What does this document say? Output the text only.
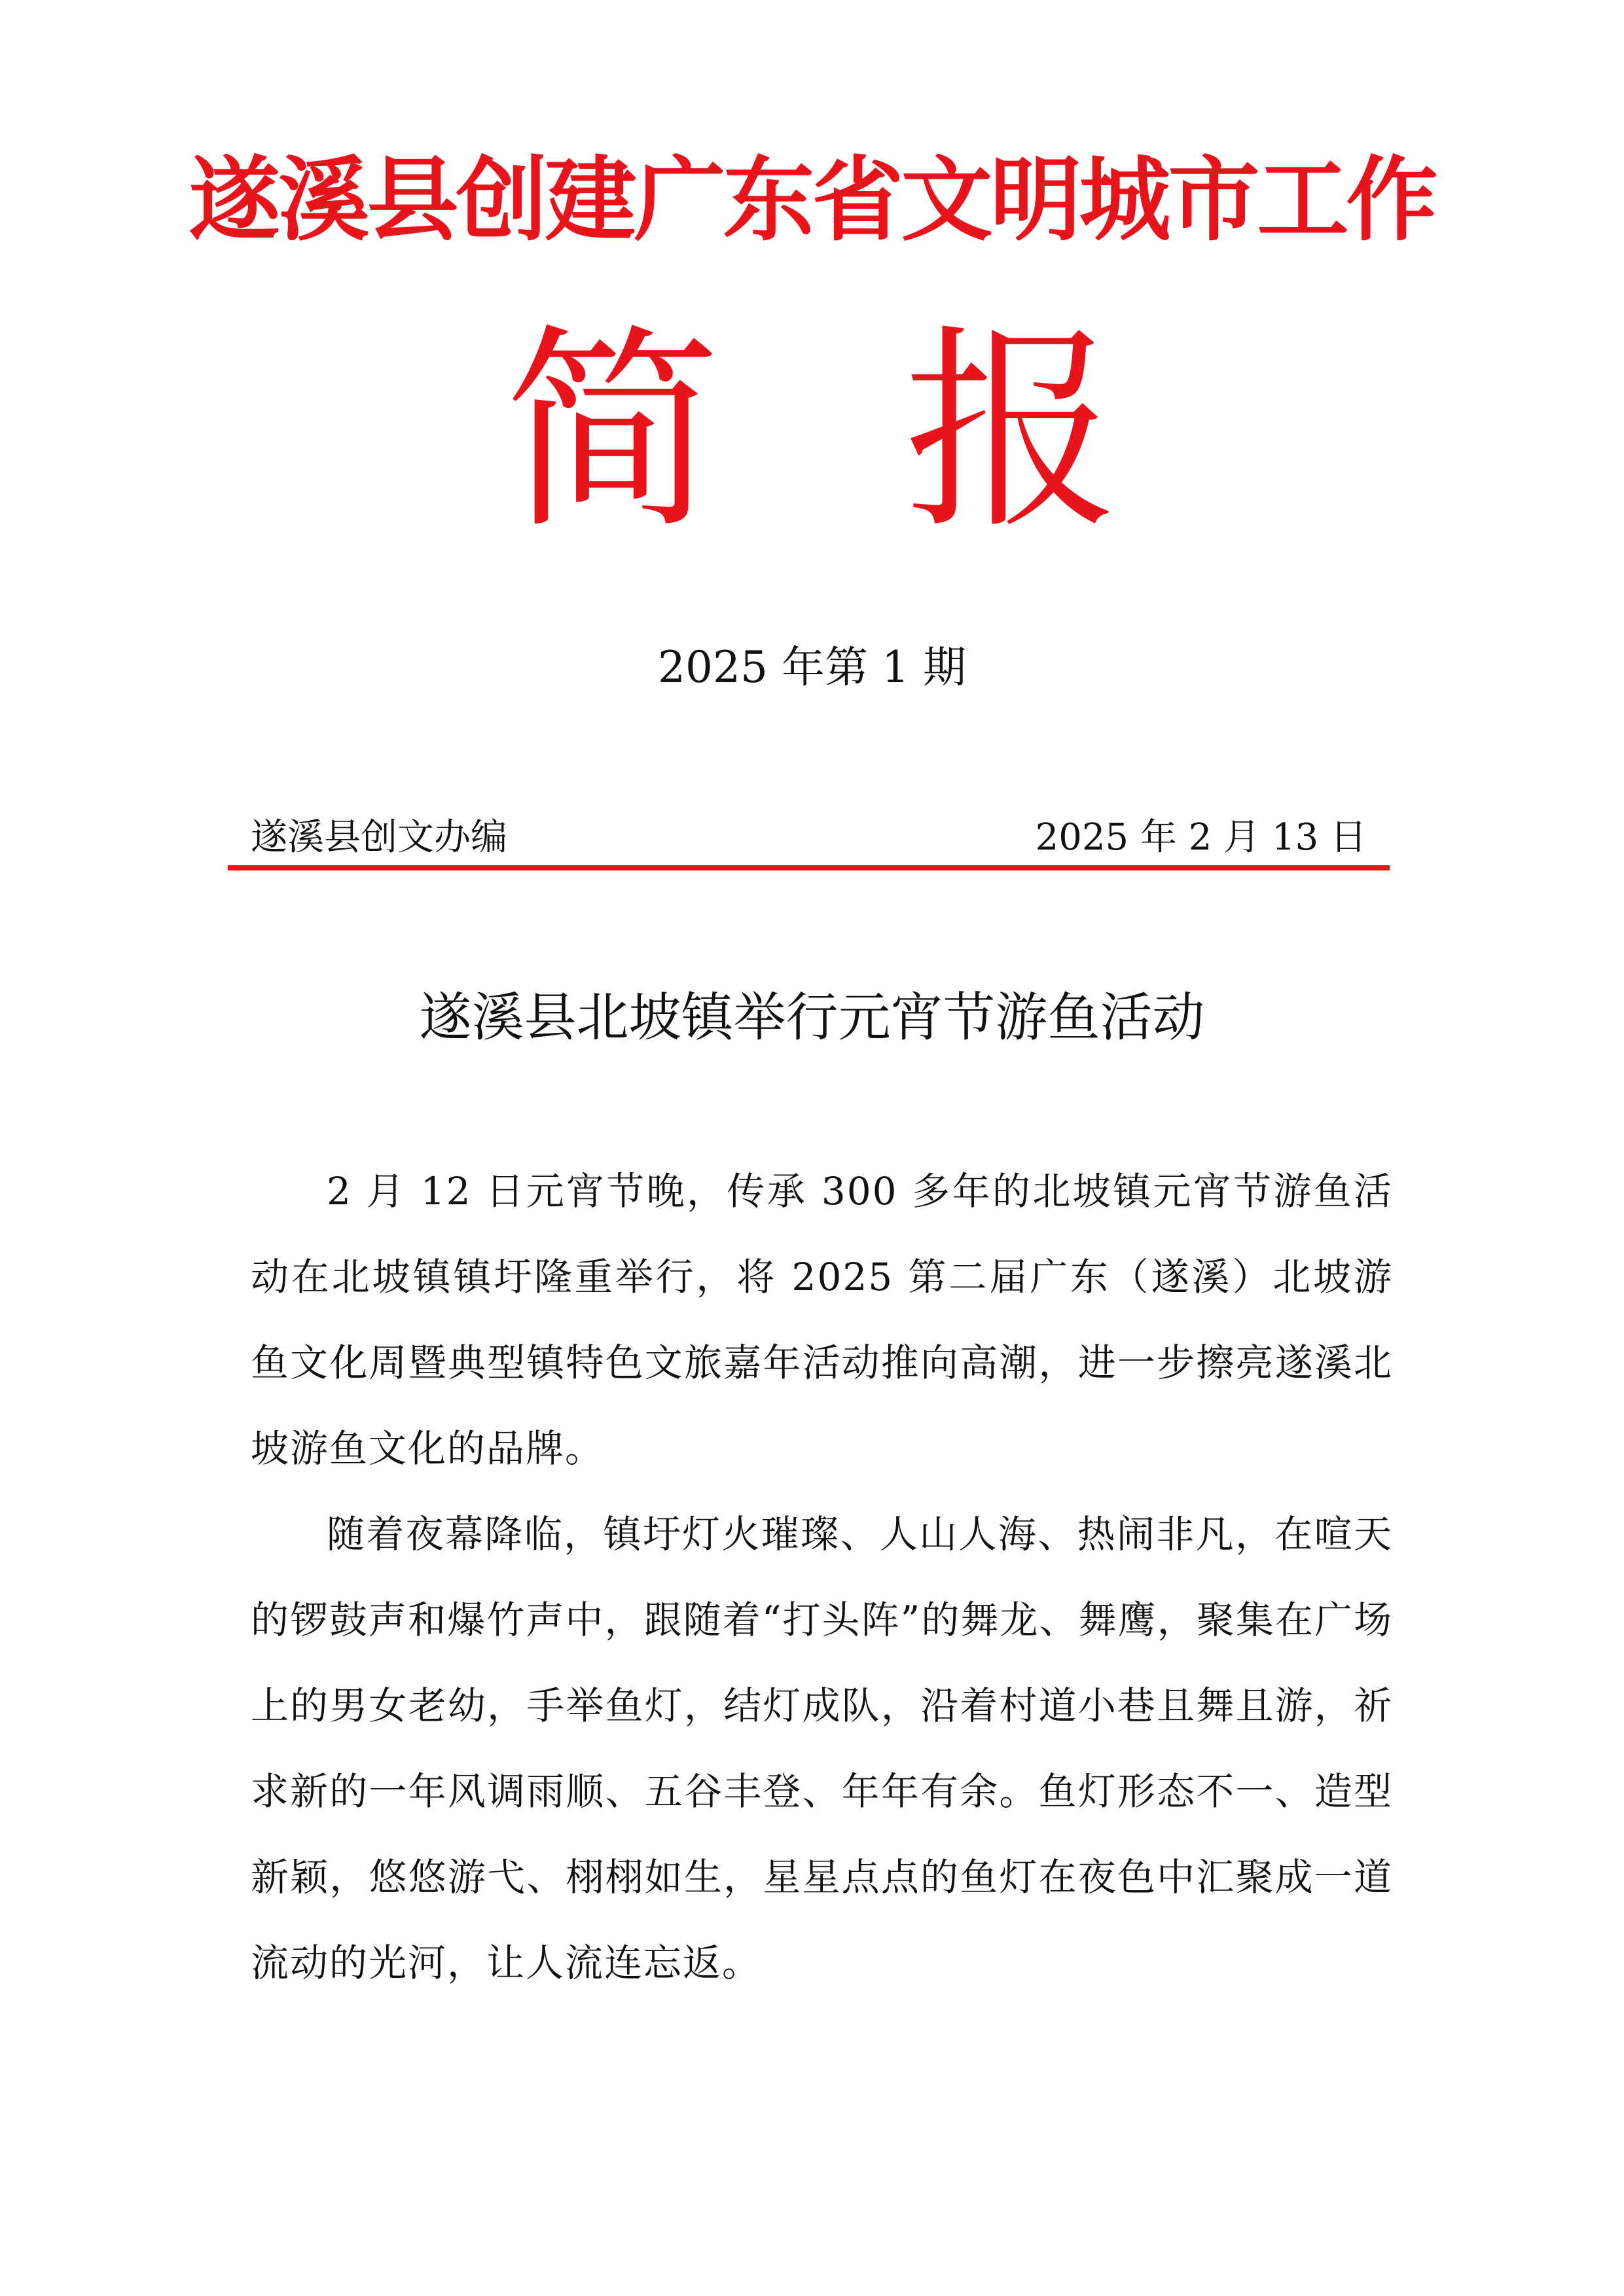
遂溪县创建广东省文明城市工作
简报
2025 年第 1 期
遂溪县创文办编	2025 年 2 月 13 日
遂溪县北坡镇举行元宵节游鱼活动

2 月 12 日元宵节晚，传承 300 多年的北坡镇元宵节游鱼活动在北坡镇镇圩隆重举行，将 2025 第二届广东（遂溪）北坡游鱼文化周暨典型镇特色文旅嘉年活动推向高潮，进一步擦亮遂溪北坡游鱼文化的品牌。

随着夜幕降临，镇圩灯火璀璨、人山人海、热闹非凡，在喧天的锣鼓声和爆竹声中，跟随着“打头阵”的舞龙、舞鹰，聚集在广场上的男女老幼，手举鱼灯，结灯成队，沿着村道小巷且舞且游，祈求新的一年风调雨顺、五谷丰登、年年有余。鱼灯形态不一、造型新颖，悠悠游弋、栩栩如生，星星点点的鱼灯在夜色中汇聚成一道流动的光河，让人流连忘返。
